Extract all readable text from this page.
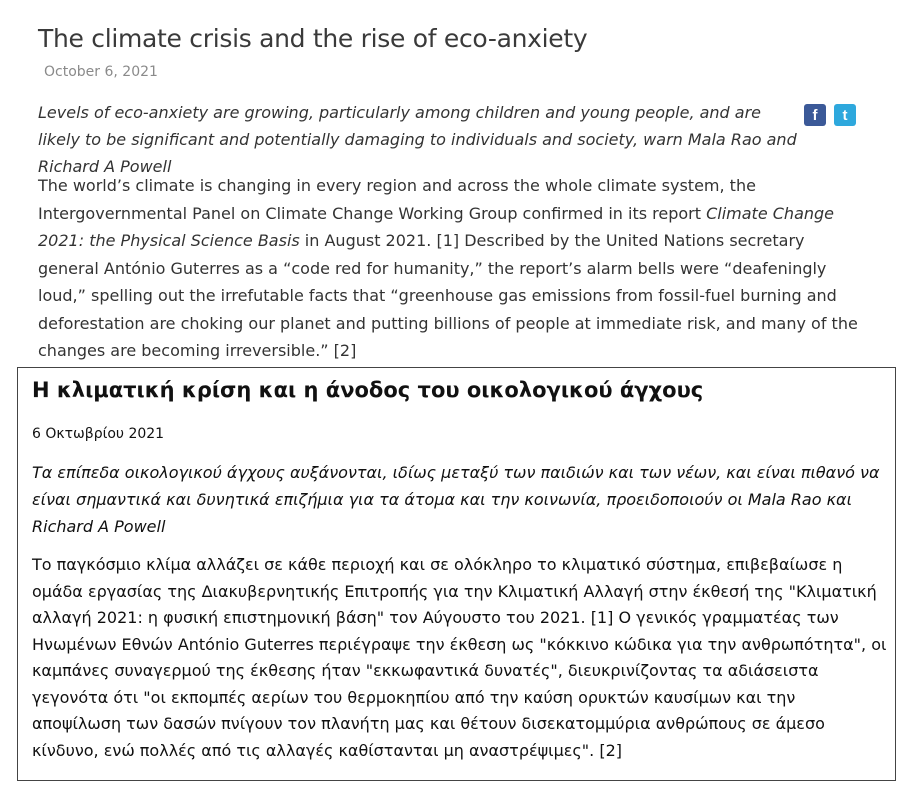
The climate crisis and the rise of eco-anxiety
October 6, 2021
Levels of eco-anxiety are growing, particularly among children and young people, and are likely to be significant and potentially damaging to individuals and society, warn Mala Rao and Richard A Powell
f	t

The world’s climate is changing in every region and across the whole climate system, the Intergovernmental Panel on Climate Change Working Group confirmed in its report Climate Change 2021: the Physical Science Basis in August 2021. [1] Described by the United Nations secretary general António Guterres as a “code red for humanity,” the report’s alarm bells were “deafeningly loud,” spelling out the irrefutable facts that “greenhouse gas emissions from fossil-fuel burning and deforestation are choking our planet and putting billions of people at immediate risk, and many of the changes are becoming irreversible.” [2]

Η κλιματική κρίση και η άνοδος του οικολογικού άγχους
6 Οκτωβρίου 2021
Τα επίπεδα οικολογικού άγχους αυξάνονται, ιδίως μεταξύ των παιδιών και των νέων, και είναι πιθανό να είναι σημαντικά και δυνητικά επιζήμια για τα άτομα και την κοινωνία, προειδοποιούν οι Mala Rao και Richard A Powell
Το παγκόσμιο κλίμα αλλάζει σε κάθε περιοχή και σε ολόκληρο το κλιματικό σύστημα, επιβεβαίωσε η ομάδα εργασίας της Διακυβερνητικής Επιτροπής για την Κλιματική Αλλαγή στην έκθεσή της "Κλιματική αλλαγή 2021: η φυσική επιστημονική βάση" τον Αύγουστο του 2021. [1] Ο γενικός γραμματέας των Ηνωμένων Εθνών António Guterres περιέγραψε την έκθεση ως "κόκκινο κώδικα για την ανθρωπότητα", οι καμπάνες συναγερμού της έκθεσης ήταν "εκκωφαντικά δυνατές", διευκρινίζοντας τα αδιάσειστα γεγονότα ότι "οι εκπομπές αερίων του θερμοκηπίου από την καύση ορυκτών καυσίμων και την αποψίλωση των δασών πνίγουν τον πλανήτη μας και θέτουν δισεκατομμύρια ανθρώπους σε άμεσο κίνδυνο, ενώ πολλές από τις αλλαγές καθίστανται μη αναστρέψιμες". [2]
